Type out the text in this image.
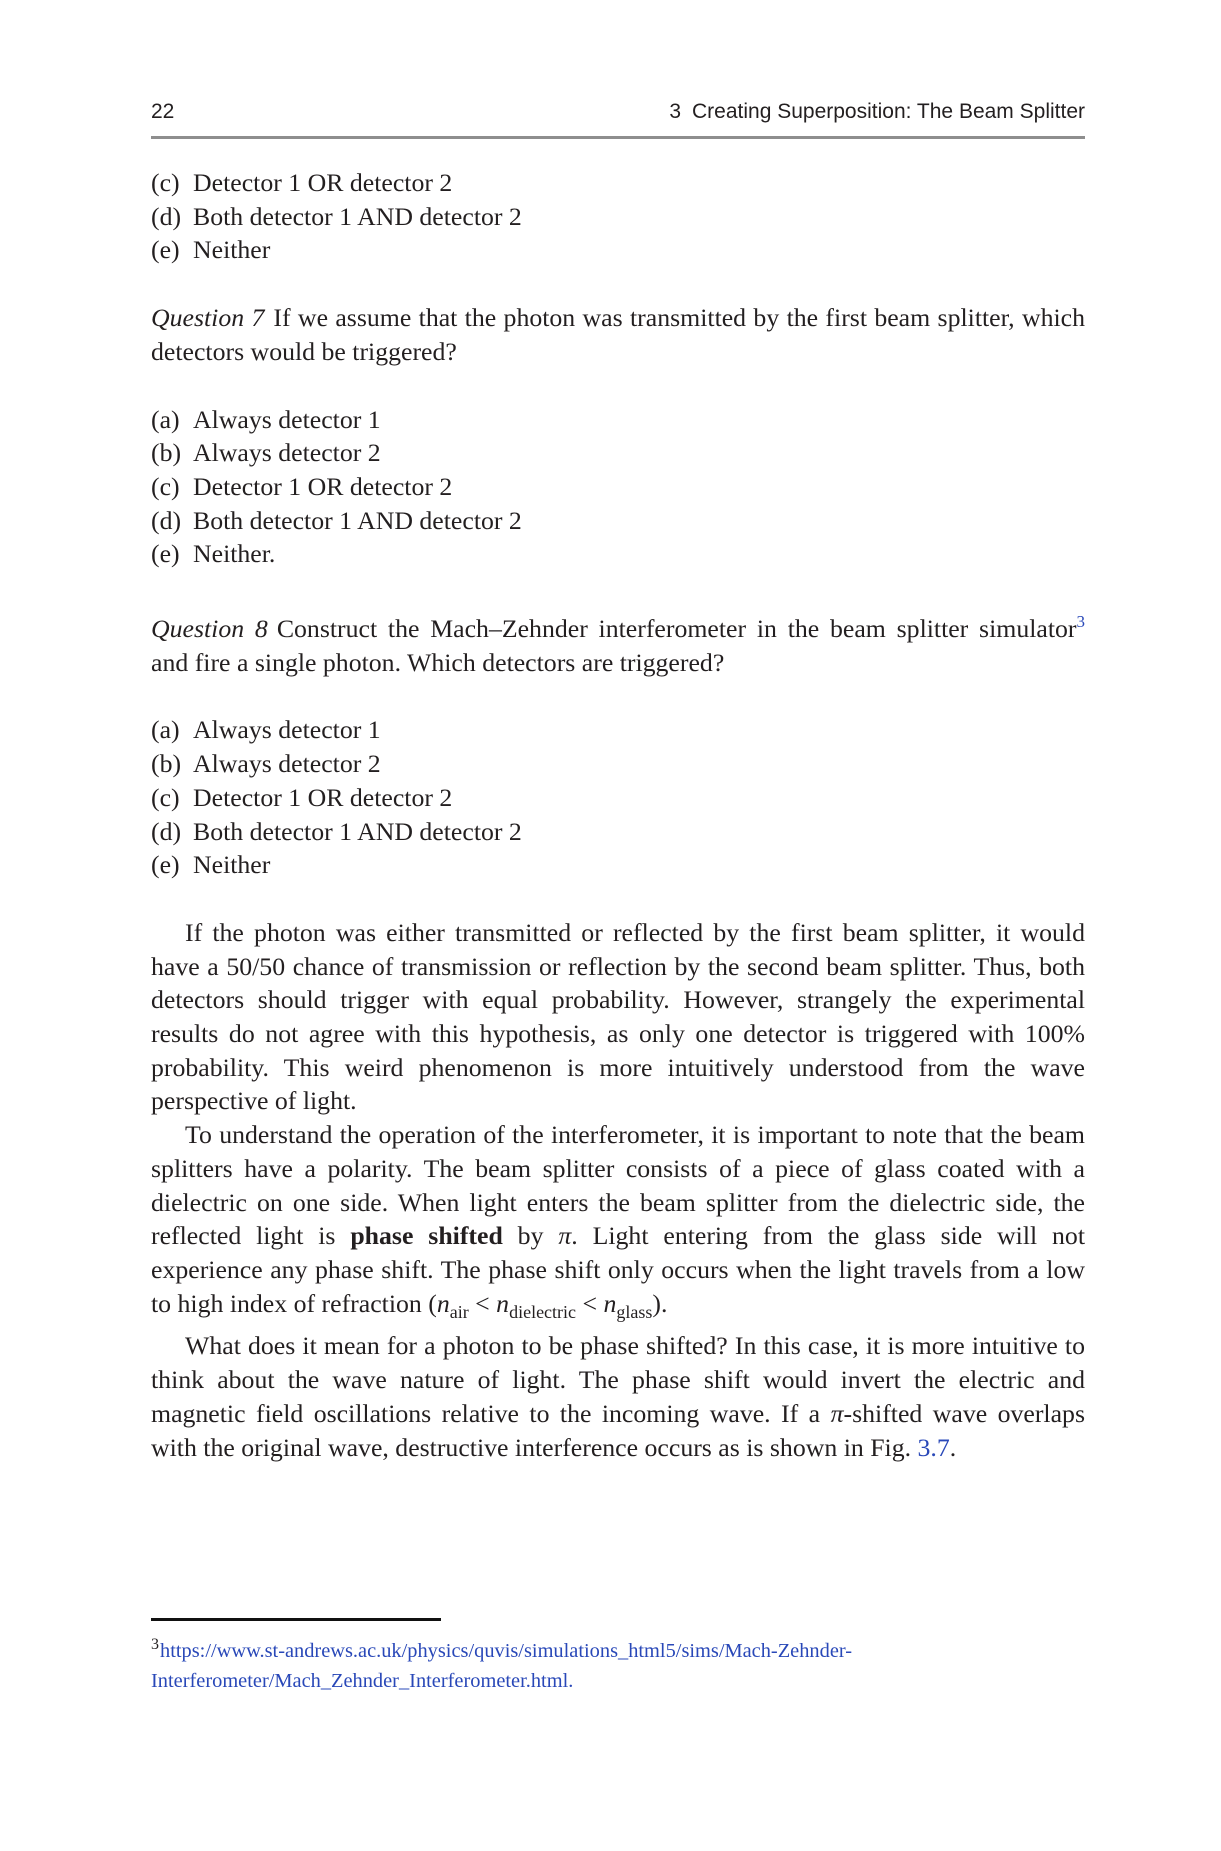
22	3 Creating Superposition: The Beam Splitter
(c) Detector 1 OR detector 2
(d) Both detector 1 AND detector 2
(e) Neither

Question 7 If we assume that the photon was transmitted by the first beam splitter, which detectors would be triggered?

(a) Always detector 1
(b) Always detector 2
(c) Detector 1 OR detector 2
(d) Both detector 1 AND detector 2
(e) Neither.

Question 8 Construct the Mach–Zehnder interferometer in the beam splitter simulator$^3$ and fire a single photon. Which detectors are triggered?

(a) Always detector 1
(b) Always detector 2
(c) Detector 1 OR detector 2
(d) Both detector 1 AND detector 2
(e) Neither

If the photon was either transmitted or reflected by the first beam splitter, it would have a 50/50 chance of transmission or reflection by the second beam splitter. Thus, both detectors should trigger with equal probability. However, strangely the experimental results do not agree with this hypothesis, as only one detector is triggered with 100% probability. This weird phenomenon is more intuitively understood from the wave perspective of light.

To understand the operation of the interferometer, it is important to note that the beam splitters have a polarity. The beam splitter consists of a piece of glass coated with a dielectric on one side. When light enters the beam splitter from the dielectric side, the reflected light is phase shifted by π. Light entering from the glass side will not experience any phase shift. The phase shift only occurs when the light travels from a low to high index of refraction $(n_{air} < n_{dielectric} < n_{glass})$.

What does it mean for a photon to be phase shifted? In this case, it is more intuitive to think about the wave nature of light. The phase shift would invert the electric and magnetic field oscillations relative to the incoming wave. If a π-shifted wave overlaps with the original wave, destructive interference occurs as is shown in Fig. 3.7.

$^3$https://www.st-andrews.ac.uk/physics/quvis/simulations_html5/sims/Mach-Zehnder-
Interferometer/Mach_Zehnder_Interferometer.html.
